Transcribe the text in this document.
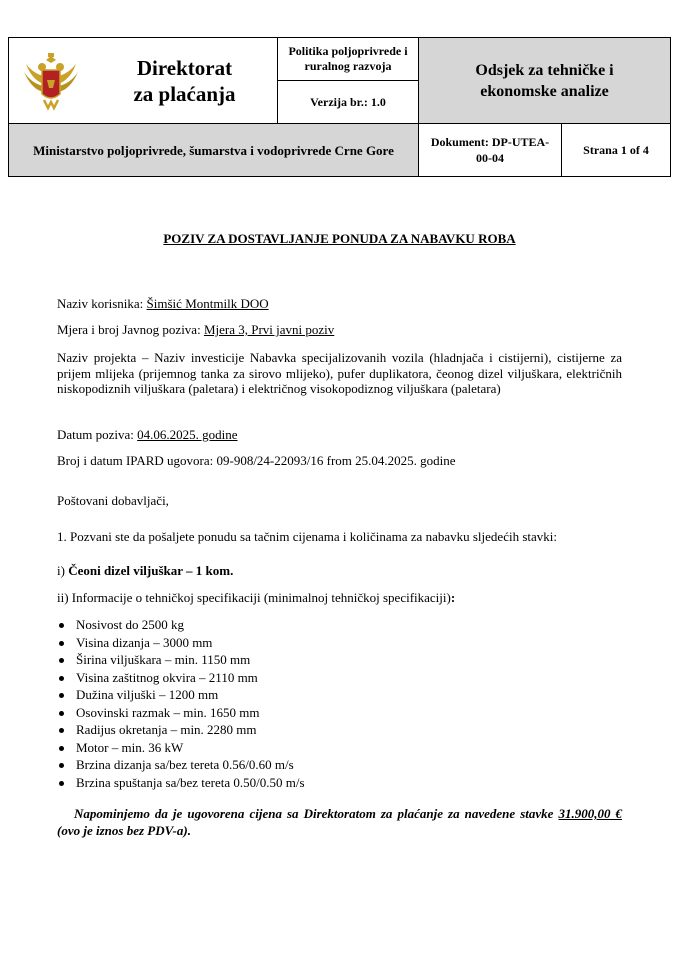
Direktorat
za plaćanja
Politika poljoprivrede i ruralnog razvoja
Verzija br.: 1.0
Odsjek za tehničke i
ekonomske analize
Ministarstvo poljoprivrede, šumarstva i vodoprivrede Crne Gore
Dokument: DP-UTEA-
00-04
Strana 1 of 4
POZIV ZA DOSTAVLJANJE PONUDA ZA NABAVKU ROBA
Naziv korisnika: Šimšić Montmilk DOO
Mjera i broj Javnog poziva: Mjera 3, Prvi javni poziv
Naziv projekta – Naziv investicije Nabavka specijalizovanih vozila (hladnjača i cistijerni), cistijerne za prijem mlijeka (prijemnog tanka za sirovo mlijeko), pufer duplikatora, čeonog dizel viljuškara, električnih niskopodiznih viljuškara (paletara) i električnog visokopodiznog viljuškara (paletara)
Datum poziva: 04.06.2025. godine
Broj i datum IPARD ugovora: 09-908/24-22093/16 from 25.04.2025. godine
Poštovani dobavljači,
1. Pozvani ste da pošaljete ponudu sa tačnim cijenama i količinama za nabavku sljedećih stavki:
i) Čeoni dizel viljuškar – 1 kom.
ii) Informacije o tehničkoj specifikaciji (minimalnoj tehničkoj specifikaciji):
Nosivost do 2500 kg
Visina dizanja – 3000 mm
Širina viljuškara – min. 1150 mm
Visina zaštitnog okvira – 2110 mm
Dužina viljuški – 1200 mm
Osovinski razmak – min. 1650 mm
Radijus okretanja – min. 2280 mm
Motor – min. 36 kW
Brzina dizanja sa/bez tereta 0.56/0.60 m/s
Brzina spuštanja sa/bez tereta 0.50/0.50 m/s
Napominjemo da je ugovorena cijena sa Direktoratom za plaćanje za navedene stavke 31.900,00 € (ovo je iznos bez PDV-a).
